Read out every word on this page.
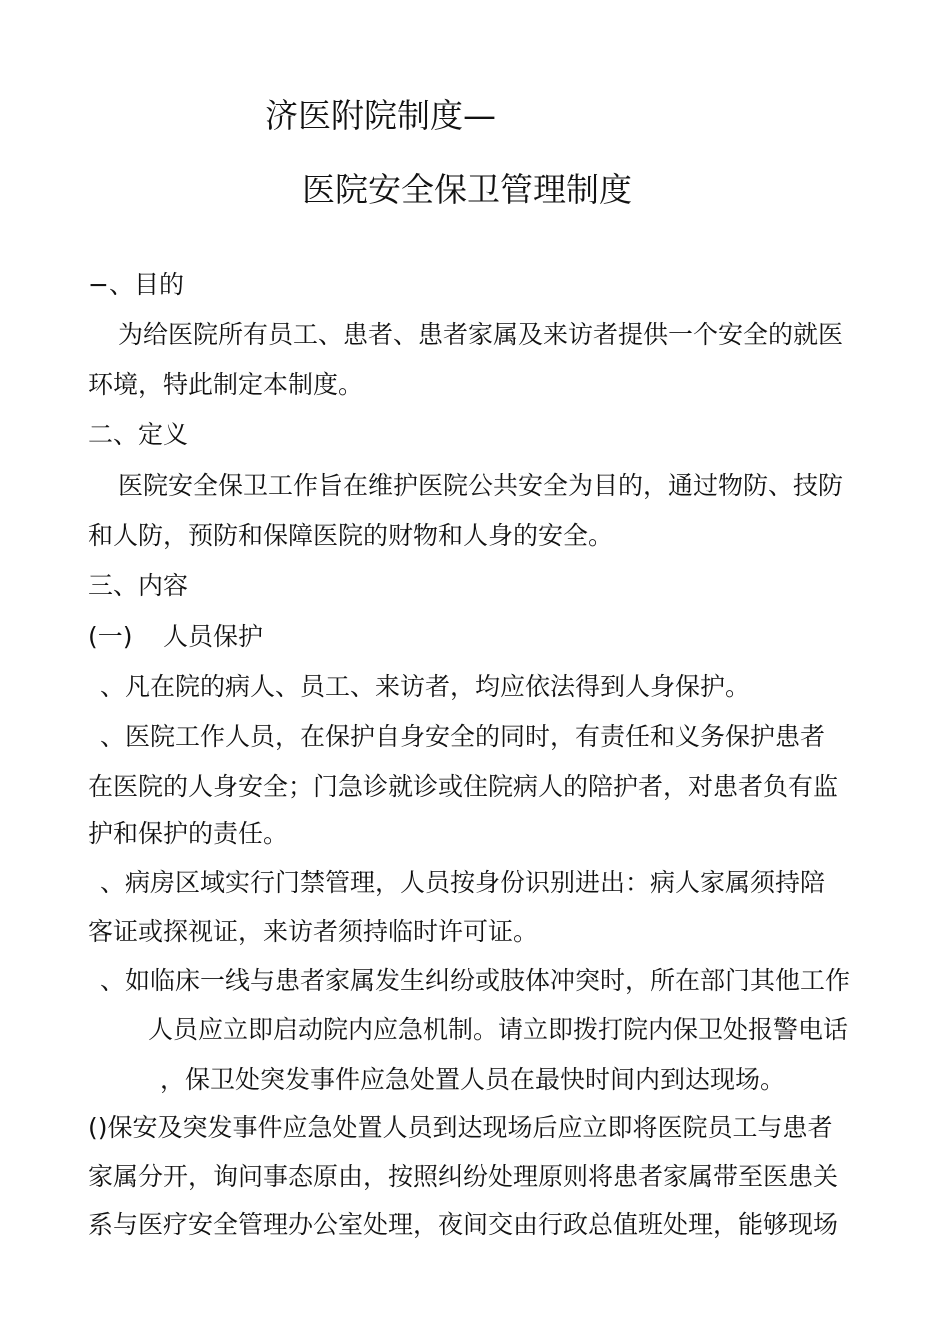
济医附院制度—
医院安全保卫管理制度
−、目的
为给医院所有员工、患者、患者家属及来访者提供一个安全的就医
环境，特此制定本制度。
二、定义
医院安全保卫工作旨在维护医院公共安全为目的，通过物防、技防
和人防，预防和保障医院的财物和人身的安全。
三、内容
(一) 人员保护
、凡在院的病人、员工、来访者，均应依法得到人身保护。
、医院工作人员，在保护自身安全的同时，有责任和义务保护患者
在医院的人身安全；门急诊就诊或住院病人的陪护者，对患者负有监
护和保护的责任。
、病房区域实行门禁管理，人员按身份识别进出：病人家属须持陪
客证或探视证，来访者须持临时许可证。
、如临床一线与患者家属发生纠纷或肢体冲突时，所在部门其他工作
人员应立即启动院内应急机制。请立即拨打院内保卫处报警电话
，保卫处突发事件应急处置人员在最快时间内到达现场。
()保安及突发事件应急处置人员到达现场后应立即将医院员工与患者
家属分开，询问事态原由，按照纠纷处理原则将患者家属带至医患关
系与医疗安全管理办公室处理，夜间交由行政总值班处理，能够现场
